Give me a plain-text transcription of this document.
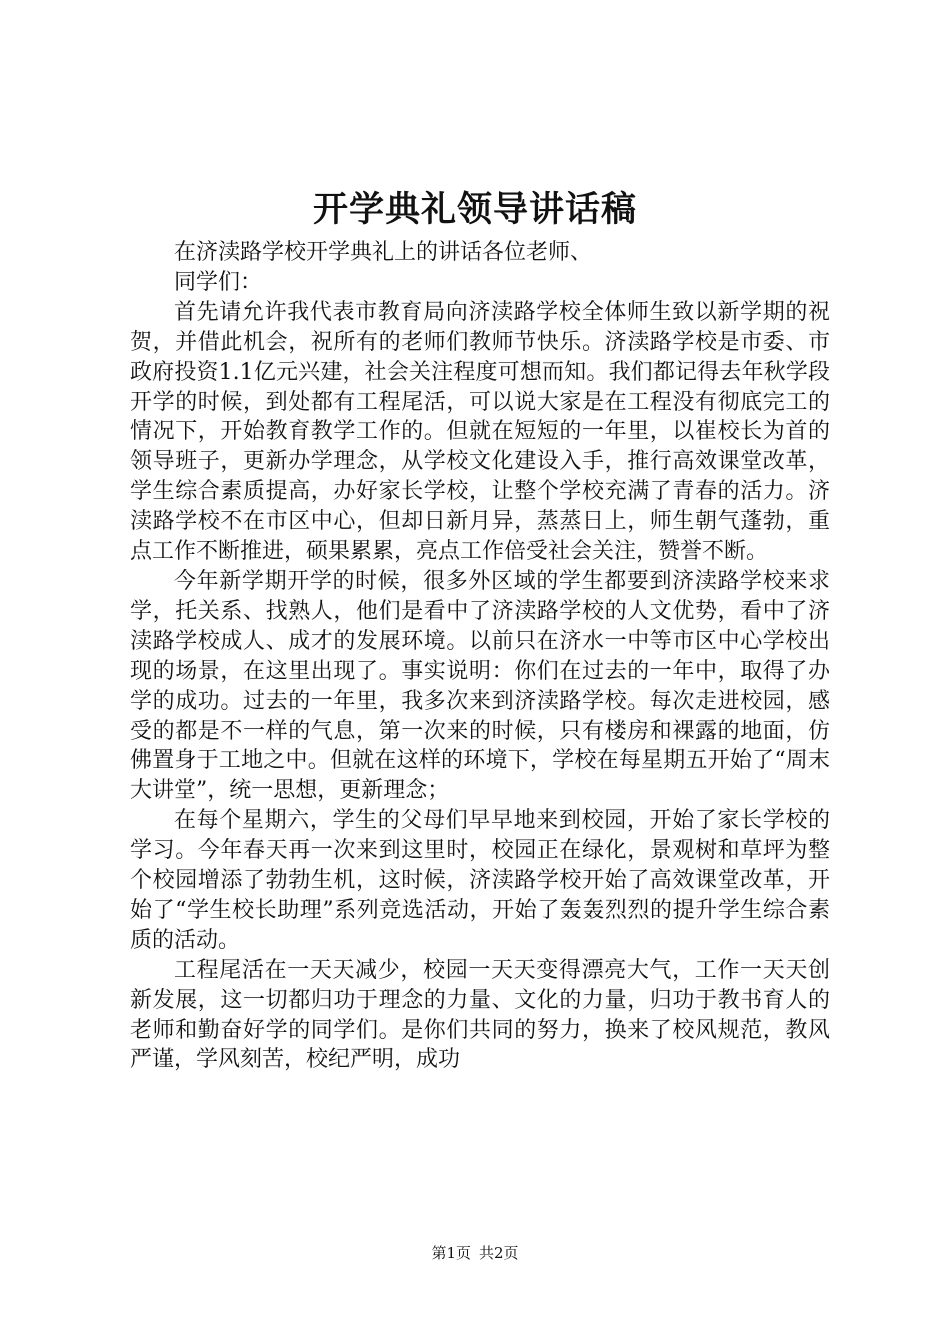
开学典礼领导讲话稿

在济渎路学校开学典礼上的讲话各位老师、

同学们：

首先请允许我代表市教育局向济渎路学校全体师生致以新学期的祝贺，并借此机会，祝所有的老师们教师节快乐。济渎路学校是市委、市政府投资1.1亿元兴建，社会关注程度可想而知。我们都记得去年秋学段开学的时候，到处都有工程尾活，可以说大家是在工程没有彻底完工的情况下，开始教育教学工作的。但就在短短的一年里，以崔校长为首的领导班子，更新办学理念，从学校文化建设入手，推行高效课堂改革，学生综合素质提高，办好家长学校，让整个学校充满了青春的活力。济渎路学校不在市区中心，但却日新月异，蒸蒸日上，师生朝气蓬勃，重点工作不断推进，硕果累累，亮点工作倍受社会关注，赞誉不断。

今年新学期开学的时候，很多外区域的学生都要到济渎路学校来求学，托关系、找熟人，他们是看中了济渎路学校的人文优势，看中了济渎路学校成人、成才的发展环境。以前只在济水一中等市区中心学校出现的场景，在这里出现了。事实说明：你们在过去的一年中，取得了办学的成功。过去的一年里，我多次来到济渎路学校。每次走进校园，感受的都是不一样的气息，第一次来的时候，只有楼房和裸露的地面，仿佛置身于工地之中。但就在这样的环境下，学校在每星期五开始了“周末大讲堂”，统一思想，更新理念；

在每个星期六，学生的父母们早早地来到校园，开始了家长学校的学习。今年春天再一次来到这里时，校园正在绿化，景观树和草坪为整个校园增添了勃勃生机，这时候，济渎路学校开始了高效课堂改革，开始了“学生校长助理”系列竞选活动，开始了轰轰烈烈的提升学生综合素质的活动。

工程尾活在一天天减少，校园一天天变得漂亮大气，工作一天天创新发展，这一切都归功于理念的力量、文化的力量，归功于教书育人的老师和勤奋好学的同学们。是你们共同的努力，换来了校风规范，教风严谨，学风刻苦，校纪严明，成功

第1页 共2页
